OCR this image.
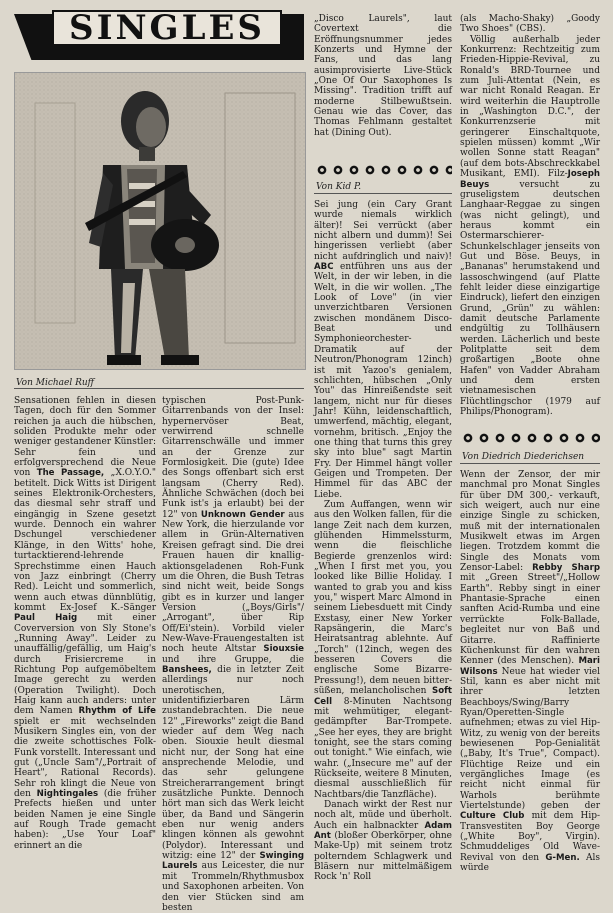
SINGLES
Von Michael Ruff

Sensationen fehlen in diesen Tagen, doch für den Sommer reichen ja auch die hübschen, soliden Produkte mehr oder weniger gestandener Künstler: Sehr fein und erfolgversprechend die Neue von The Passage, „X.O.Y.O." betitelt. Dick Witts ist Dirigent seines Elektronik-Orchesters, das diesmal sehr straff und eingängig in Szene gesetzt wurde. Dennoch ein wahrer Dschungel verschiedener Klänge, in den Witts' hohe, turtacktierend-lehrende Sprechstimme einen Hauch von Jazz einbringt (Cherry Red). Leicht und sommerlich, wenn auch etwas dünnblütig, kommt Ex-Josef K.-Sänger Paul Haig mit einer Coverversion von Sly Stone's „Running Away". Leider zu unauffällig/gefällig, um Haig's durch Frisiercreme in Richtung Pop aufgemöbeltem Image gerecht zu werden (Operation Twilight). Doch Haig kann auch anders: unter dem Namen Rhythm of Life spielt er mit wechselnden Musikern Singles ein, von der die zweite schottisches Folk-Funk vorstellt. Interessant und gut („Uncle Sam"/„Portrait of Heart", Rational Records). Sehr roh klingt die Neue von den Nightingales (die früher Prefects hießen und unter beiden Namen je eine Single auf Rough Trade gemacht haben): „Use Your Loaf" erinnert an die

typischen Post-Punk-Gitarrenbands von der Insel: hypernervöser Beat, verwirrend schnelle Gitarrenschwälle und immer an der Grenze zur Formlosigkeit. Die (gute) Idee des Songs offenbart sich erst langsam (Cherry Red). Ähnliche Schwächen (doch bei Funk ist's ja erlaubt) bei der 12" von Unknown Gender aus New York, die hierzulande vor allem in Grün-Alternativen Kreisen gefragt sind. Die drei Frauen hauen dir knallig-aktionsgeladenen Roh-Funk um die Ohren, die Bush Tetras sind nicht weit, beide Songs gibt es in kurzer und langer Version („Boys/Girls"/„Arrogant", über Rip Off/Ei'stein). Vorbild vieler New-Wave-Frauengestalten ist noch heute Altstar Siouxsie und ihre Gruppe, die Banshees, die in letzter Zeit allerdings nur noch unerotischen, unidentifizierbaren Lärm zustandebrachten. Die neue 12" „Fireworks" zeigt die Band wieder auf dem Weg nach oben. Siouxie heult diesmal nicht nur, der Song hat eine ansprechende Melodie, und das sehr gelungene Streicherarrangement bringt zusätzliche Punkte. Dennoch hört man sich das Werk leicht über, da Band und Sängerin eben nur wenig anders klingen können als gewohnt (Polydor). Interessant und witzig: eine 12" der Swinging Laurels aus Leicester, die nur mit Trommeln/Rhythmusbox und Saxophonen arbeiten. Von den vier Stücken sind am besten

„Disco Laurels", laut Covertext die Eröffnungsnummer jedes Konzerts und Hymne der Fans, und das lang ausimprovisierte Live-Stück „One Of Our Saxophones Is Missing". Tradition trifft auf moderne Stilbewußtsein. Genau wie das Cover, das Thomas Fehlmann gestaltet hat (Dining Out).

Von Kid P.

Sei jung (ein Cary Grant wurde niemals wirklich älter)! Sei verrückt (aber nicht albern und dumm)! Sei hingerissen verliebt (aber nicht aufdringlich und naiv)! ABC entführen uns aus der Welt, in der wir leben, in die Welt, in die wir wollen. „The Look of Love" (in vier unverzichtbaren Versionen zwischen mondänem Disco-Beat und Symphonieorchester-Dramatik auf der Neutron/Phonogram 12inch) ist mit Yazoo's genialem, schlichten, hübschen „Only You" das Hinreißendste seit langem, nicht nur für dieses Jahr! Kühn, leidenschaftlich, umwerfend, mächtig, elegant, vornehm, britisch. „Enjoy the one thing that turns this grey sky into blue" sagt Martin Fry. Der Himmel hängt voller Geigen und Trompeten. Der Himmel für das ABC der Liebe.

Zum Auffangen, wenn wir aus den Wolken fallen, für die lange Zeit nach dem kurzen, glühenden Himmelssturm, wenn die fleischliche Begierde grenzenlos wird: „When I first met you, you looked like Billie Holiday. I wanted to grab you and kiss you," wispert Marc Almond in seinem Liebesduett mit Cindy Exstasy, einer New Yorker Rapsängerin, die Marc's Heiratsantrag ablehnte. Auf „Torch" (12inch, wegen des besseren Covers die englische Some Bizarre-Pressung!), dem neuen bitter-süßen, melancholischen Soft Cell 8-Minuten Nachtsong mit wehmütiger, elegant-gedämpfter Bar-Trompete. „See her eyes, they are bright tonight, see the stars coming out tonight." Wie einfach, wie wahr. („Insecure me" auf der Rückseite, weitere 8 Minuten, diesmal ausschließlich für Nachtbars/die Tanzfläche).

Danach wirkt der Rest nur noch alt, müde und überholt. Auch ein halbnackter Adam Ant (bloßer Oberkörper, ohne Make-Up) mit seinem trotz polterndem Schlagwerk und Bläsern nur mittelmäßigem Rock 'n' Roll

(als Macho-Shaky) „Goody Two Shoes" (CBS).

Völlig außerhalb jeder Konkurrenz: Rechtzeitig zum Frieden-Hippie-Revival, zu Ronald's BRD-Tournee und zum Juli-Attentat (Nein, es war nicht Ronald Reagan. Er wird weiterhin die Hauptrolle in „Washington D.C.", der Konkurrenzserie mit geringerer Einschaltquote, spielen müssen) kommt „Wir wollen Sonne statt Reagan" (auf dem bots-Abschreckkabel Musikant, EMI). Filz-Joseph Beuys versucht zu gruseligstem deutschen Langhaar-Reggae zu singen (was nicht gelingt), und heraus kommt ein Ostermarschierer-Schunkelschlager jenseits von Gut und Böse. Beuys, in „Bananas" herumstakend und lassoschwingend (auf Platte fehlt leider diese einzigartige Eindruck), liefert den einzigen Grund, „Grün" zu wählen: damit deutsche Parlamente endgültig zu Tollhäusern werden. Lächerlich und beste Politplatte seit dem großartigen „Boote ohne Hafen" von Vadder Abraham und dem ersten vietnamesischen Flüchtlingschor (1979 auf Philips/Phonogram).

Von Diedrich Diederichsen

Wenn der Zensor, der mir manchmal pro Monat Singles für über DM 300,- verkauft, sich weigert, auch nur eine einzige Single zu schicken, muß mit der internationalen Musikwelt etwas im Argen liegen. Trotzdem kommt die Single des Monats vom Zensor-Label: Rebby Sharp mit „Green Street"/„Hollow Earth". Rebby singt in einer Phantasie-Sprache einen sanften Acid-Rumba und eine verrückte Folk-Ballade, begleitet nur von Baß und Gitarre. Raffinierte Küchenkunst für den wahren Kenner (des Menschen). Mari Wilsons Neue hat wieder viel Stil, kann es aber nicht mit ihrer letzten Beachboys/Swing/Barry Ryan/Operetten-Single aufnehmen; etwas zu viel Hip-Witz, zu wenig von der bereits bewiesenen Pop-Genialität („Baby, It's True", Compact). Flüchtige Reize und ein vergängliches Image (es reicht nicht einmal für Warhols berühmte Viertelstunde) geben der Culture Club mit dem Hip-Transvestiten Boy George („White Boy", Virgin). Schmuddeliges Old Wave-Revival von den G-Men. Als würde
